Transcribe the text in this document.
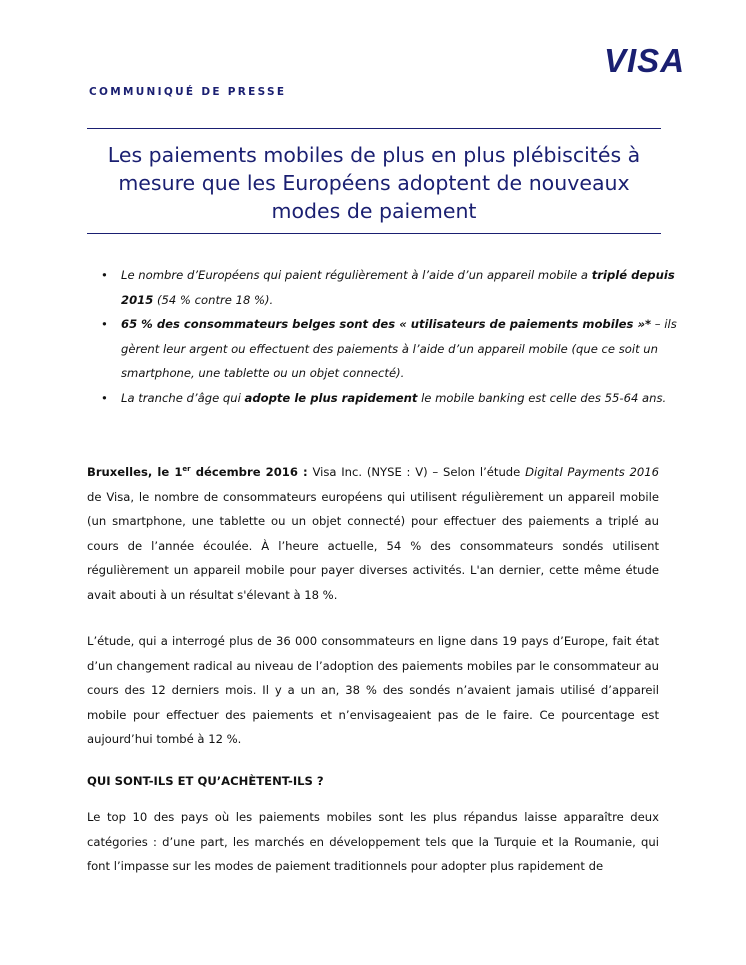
VISA
COMMUNIQUÉ DE PRESSE
Les paiements mobiles de plus en plus plébiscités à
mesure que les Européens adoptent de nouveaux
modes de paiement
• Le nombre d’Européens qui paient régulièrement à l’aide d’un appareil mobile a triplé depuis 2015 (54 % contre 18 %).
• 65 % des consommateurs belges sont des « utilisateurs de paiements mobiles »* – ils gèrent leur argent ou effectuent des paiements à l’aide d’un appareil mobile (que ce soit un smartphone, une tablette ou un objet connecté).
• La tranche d’âge qui adopte le plus rapidement le mobile banking est celle des 55-64 ans.

Bruxelles, le 1er décembre 2016 : Visa Inc. (NYSE : V) – Selon l’étude Digital Payments 2016 de Visa, le nombre de consommateurs européens qui utilisent régulièrement un appareil mobile (un smartphone, une tablette ou un objet connecté) pour effectuer des paiements a triplé au cours de l’année écoulée. À l’heure actuelle, 54 % des consommateurs sondés utilisent régulièrement un appareil mobile pour payer diverses activités. L'an dernier, cette même étude avait abouti à un résultat s'élevant à 18 %.

L’étude, qui a interrogé plus de 36 000 consommateurs en ligne dans 19 pays d’Europe, fait état d’un changement radical au niveau de l’adoption des paiements mobiles par le consommateur au cours des 12 derniers mois. Il y a un an, 38 % des sondés n’avaient jamais utilisé d’appareil mobile pour effectuer des paiements et n’envisageaient pas de le faire. Ce pourcentage est aujourd’hui tombé à 12 %.

QUI SONT-ILS ET QU’ACHÈTENT-ILS ?

Le top 10 des pays où les paiements mobiles sont les plus répandus laisse apparaître deux catégories : d’une part, les marchés en développement tels que la Turquie et la Roumanie, qui font l’impasse sur les modes de paiement traditionnels pour adopter plus rapidement de
